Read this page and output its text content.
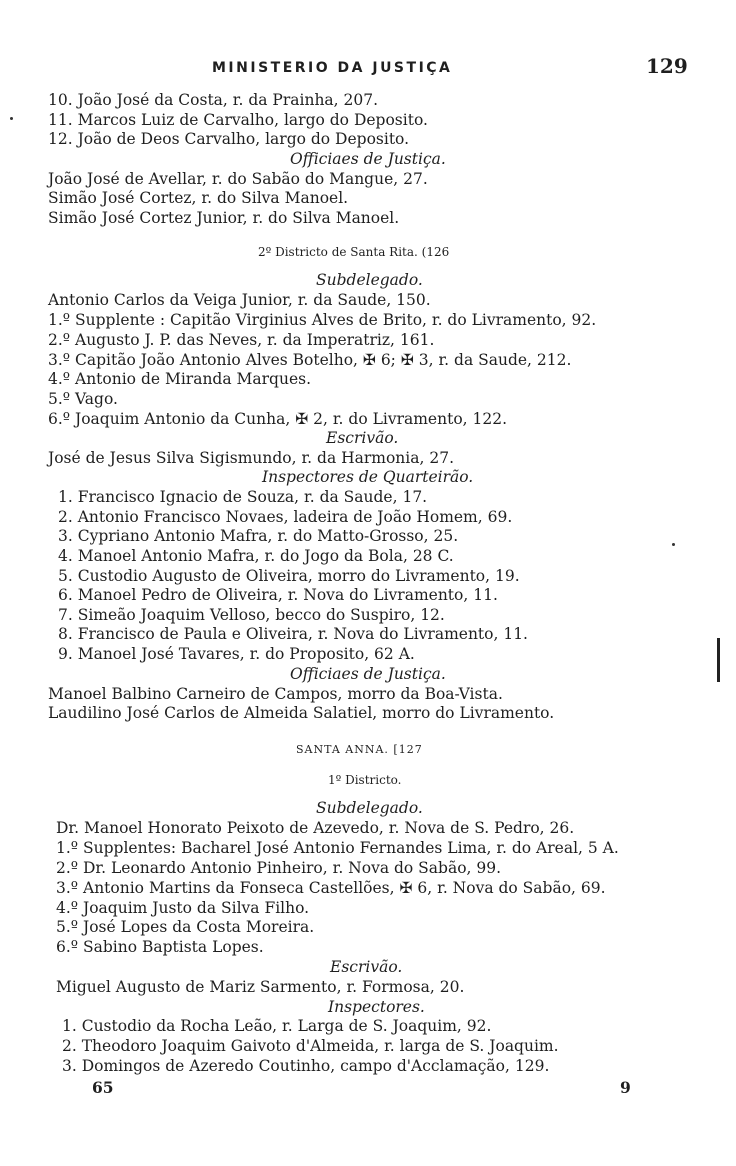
MINISTERIO DA JUSTIÇA	129
10. João José da Costa, r. da Prainha, 207.
11. Marcos Luiz de Carvalho, largo do Deposito.
12. João de Deos Carvalho, largo do Deposito.
Officiaes de Justiça.
João José de Avellar, r. do Sabão do Mangue, 27.
Simão José Cortez, r. do Silva Manoel.
Simão José Cortez Junior, r. do Silva Manoel.
2º Districto de Santa Rita. (126
Subdelegado.
Antonio Carlos da Veiga Junior, r. da Saude, 150.
1.º Supplente : Capitão Virginius Alves de Brito, r. do Livramento, 92.
2.º Augusto J. P. das Neves, r. da Imperatriz, 161.
3.º Capitão João Antonio Alves Botelho, ✠ 6; ✠ 3, r. da Saude, 212.
4.º Antonio de Miranda Marques.
5.º Vago.
6.º Joaquim Antonio da Cunha, ✠ 2, r. do Livramento, 122.
Escrivão.
José de Jesus Silva Sigismundo, r. da Harmonia, 27.
Inspectores de Quarteirão.
1. Francisco Ignacio de Souza, r. da Saude, 17.
2. Antonio Francisco Novaes, ladeira de João Homem, 69.
3. Cypriano Antonio Mafra, r. do Matto-Grosso, 25.
4. Manoel Antonio Mafra, r. do Jogo da Bola, 28 C.
5. Custodio Augusto de Oliveira, morro do Livramento, 19.
6. Manoel Pedro de Oliveira, r. Nova do Livramento, 11.
7. Simeão Joaquim Velloso, becco do Suspiro, 12.
8. Francisco de Paula e Oliveira, r. Nova do Livramento, 11.
9. Manoel José Tavares, r. do Proposito, 62 A.
Officiaes de Justiça.
Manoel Balbino Carneiro de Campos, morro da Boa-Vista.
Laudilino José Carlos de Almeida Salatiel, morro do Livramento.
SANTA ANNA. [127
1º Districto.
Subdelegado.
Dr. Manoel Honorato Peixoto de Azevedo, r. Nova de S. Pedro, 26.
1.º Supplentes: Bacharel José Antonio Fernandes Lima, r. do Areal, 5 A.
2.º Dr. Leonardo Antonio Pinheiro, r. Nova do Sabão, 99.
3.º Antonio Martins da Fonseca Castellões, ✠ 6, r. Nova do Sabão, 69.
4.º Joaquim Justo da Silva Filho.
5.º José Lopes da Costa Moreira.
6.º Sabino Baptista Lopes.
Escrivão.
Miguel Augusto de Mariz Sarmento, r. Formosa, 20.
Inspectores.
1. Custodio da Rocha Leão, r. Larga de S. Joaquim, 92.
2. Theodoro Joaquim Gaivoto d'Almeida, r. larga de S. Joaquim.
3. Domingos de Azeredo Coutinho, campo d'Acclamação, 129.
65	9
